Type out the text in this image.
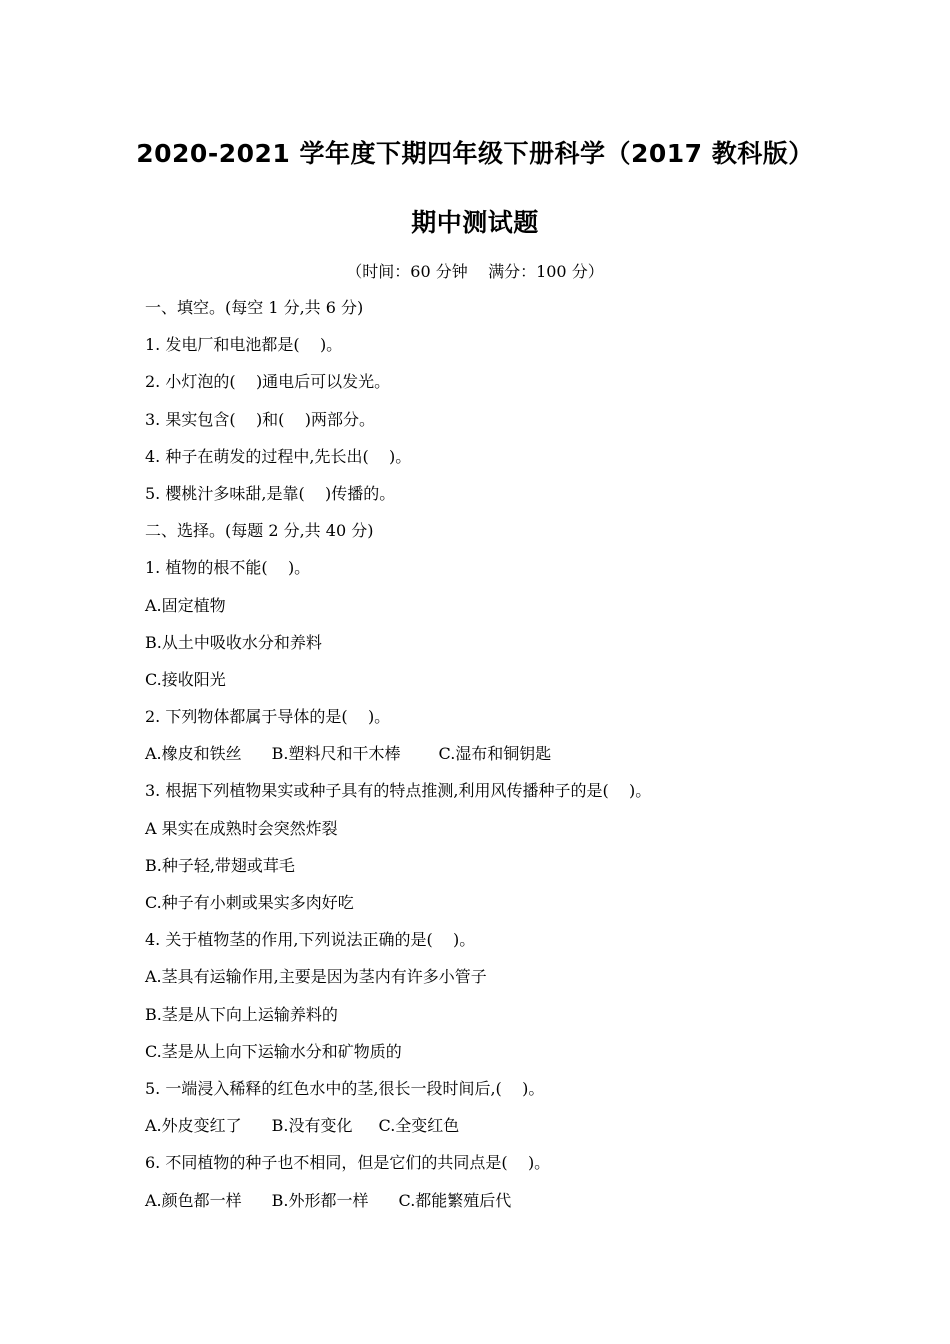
2020-2021 学年度下期四年级下册科学（2017 教科版）
期中测试题
（时间：60 分钟    满分：100 分）
一、填空。(每空 1 分,共 6 分)
1. 发电厂和电池都是(    )。
2. 小灯泡的(    )通电后可以发光。
3. 果实包含(    )和(    )两部分。
4. 种子在萌发的过程中,先长出(    )。
5. 樱桃汁多味甜,是靠(    )传播的。
二、选择。(每题 2 分,共 40 分)
1. 植物的根不能(    )。
A.固定植物
B.从土中吸收水分和养料
C.接收阳光
2. 下列物体都属于导体的是(    )。
A.橡皮和铁丝 B.塑料尺和干木棒 C.湿布和铜钥匙
3. 根据下列植物果实或种子具有的特点推测,利用风传播种子的是(    )。
A 果实在成熟时会突然炸裂
B.种子轻,带翅或茸毛
C.种子有小刺或果实多肉好吃
4. 关于植物茎的作用,下列说法正确的是(    )。
A.茎具有运输作用,主要是因为茎内有许多小管子
B.茎是从下向上运输养料的
C.茎是从上向下运输水分和矿物质的
5. 一端浸入稀释的红色水中的茎,很长一段时间后,(    )。
A.外皮变红了 B.没有变化 C.全变红色
6. 不同植物的种子也不相同，但是它们的共同点是(    )。
A.颜色都一样 B.外形都一样 C.都能繁殖后代
